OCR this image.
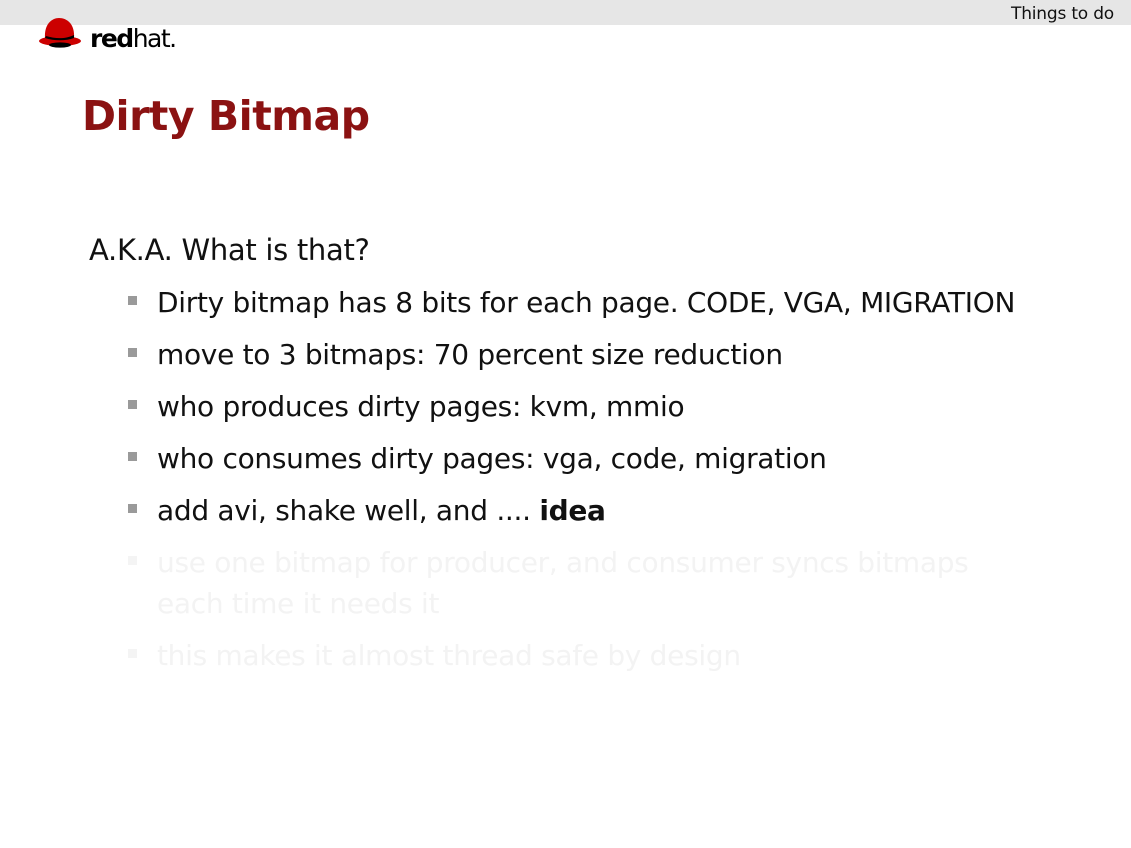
Things to do
redhat.
Dirty Bitmap
A.K.A. What is that?
Dirty bitmap has 8 bits for each page. CODE, VGA, MIGRATION
move to 3 bitmaps: 70 percent size reduction
who produces dirty pages: kvm, mmio
who consumes dirty pages: vga, code, migration
add avi, shake well, and .... idea
use one bitmap for producer, and consumer syncs bitmaps each time it needs it
this makes it almost thread safe by design
